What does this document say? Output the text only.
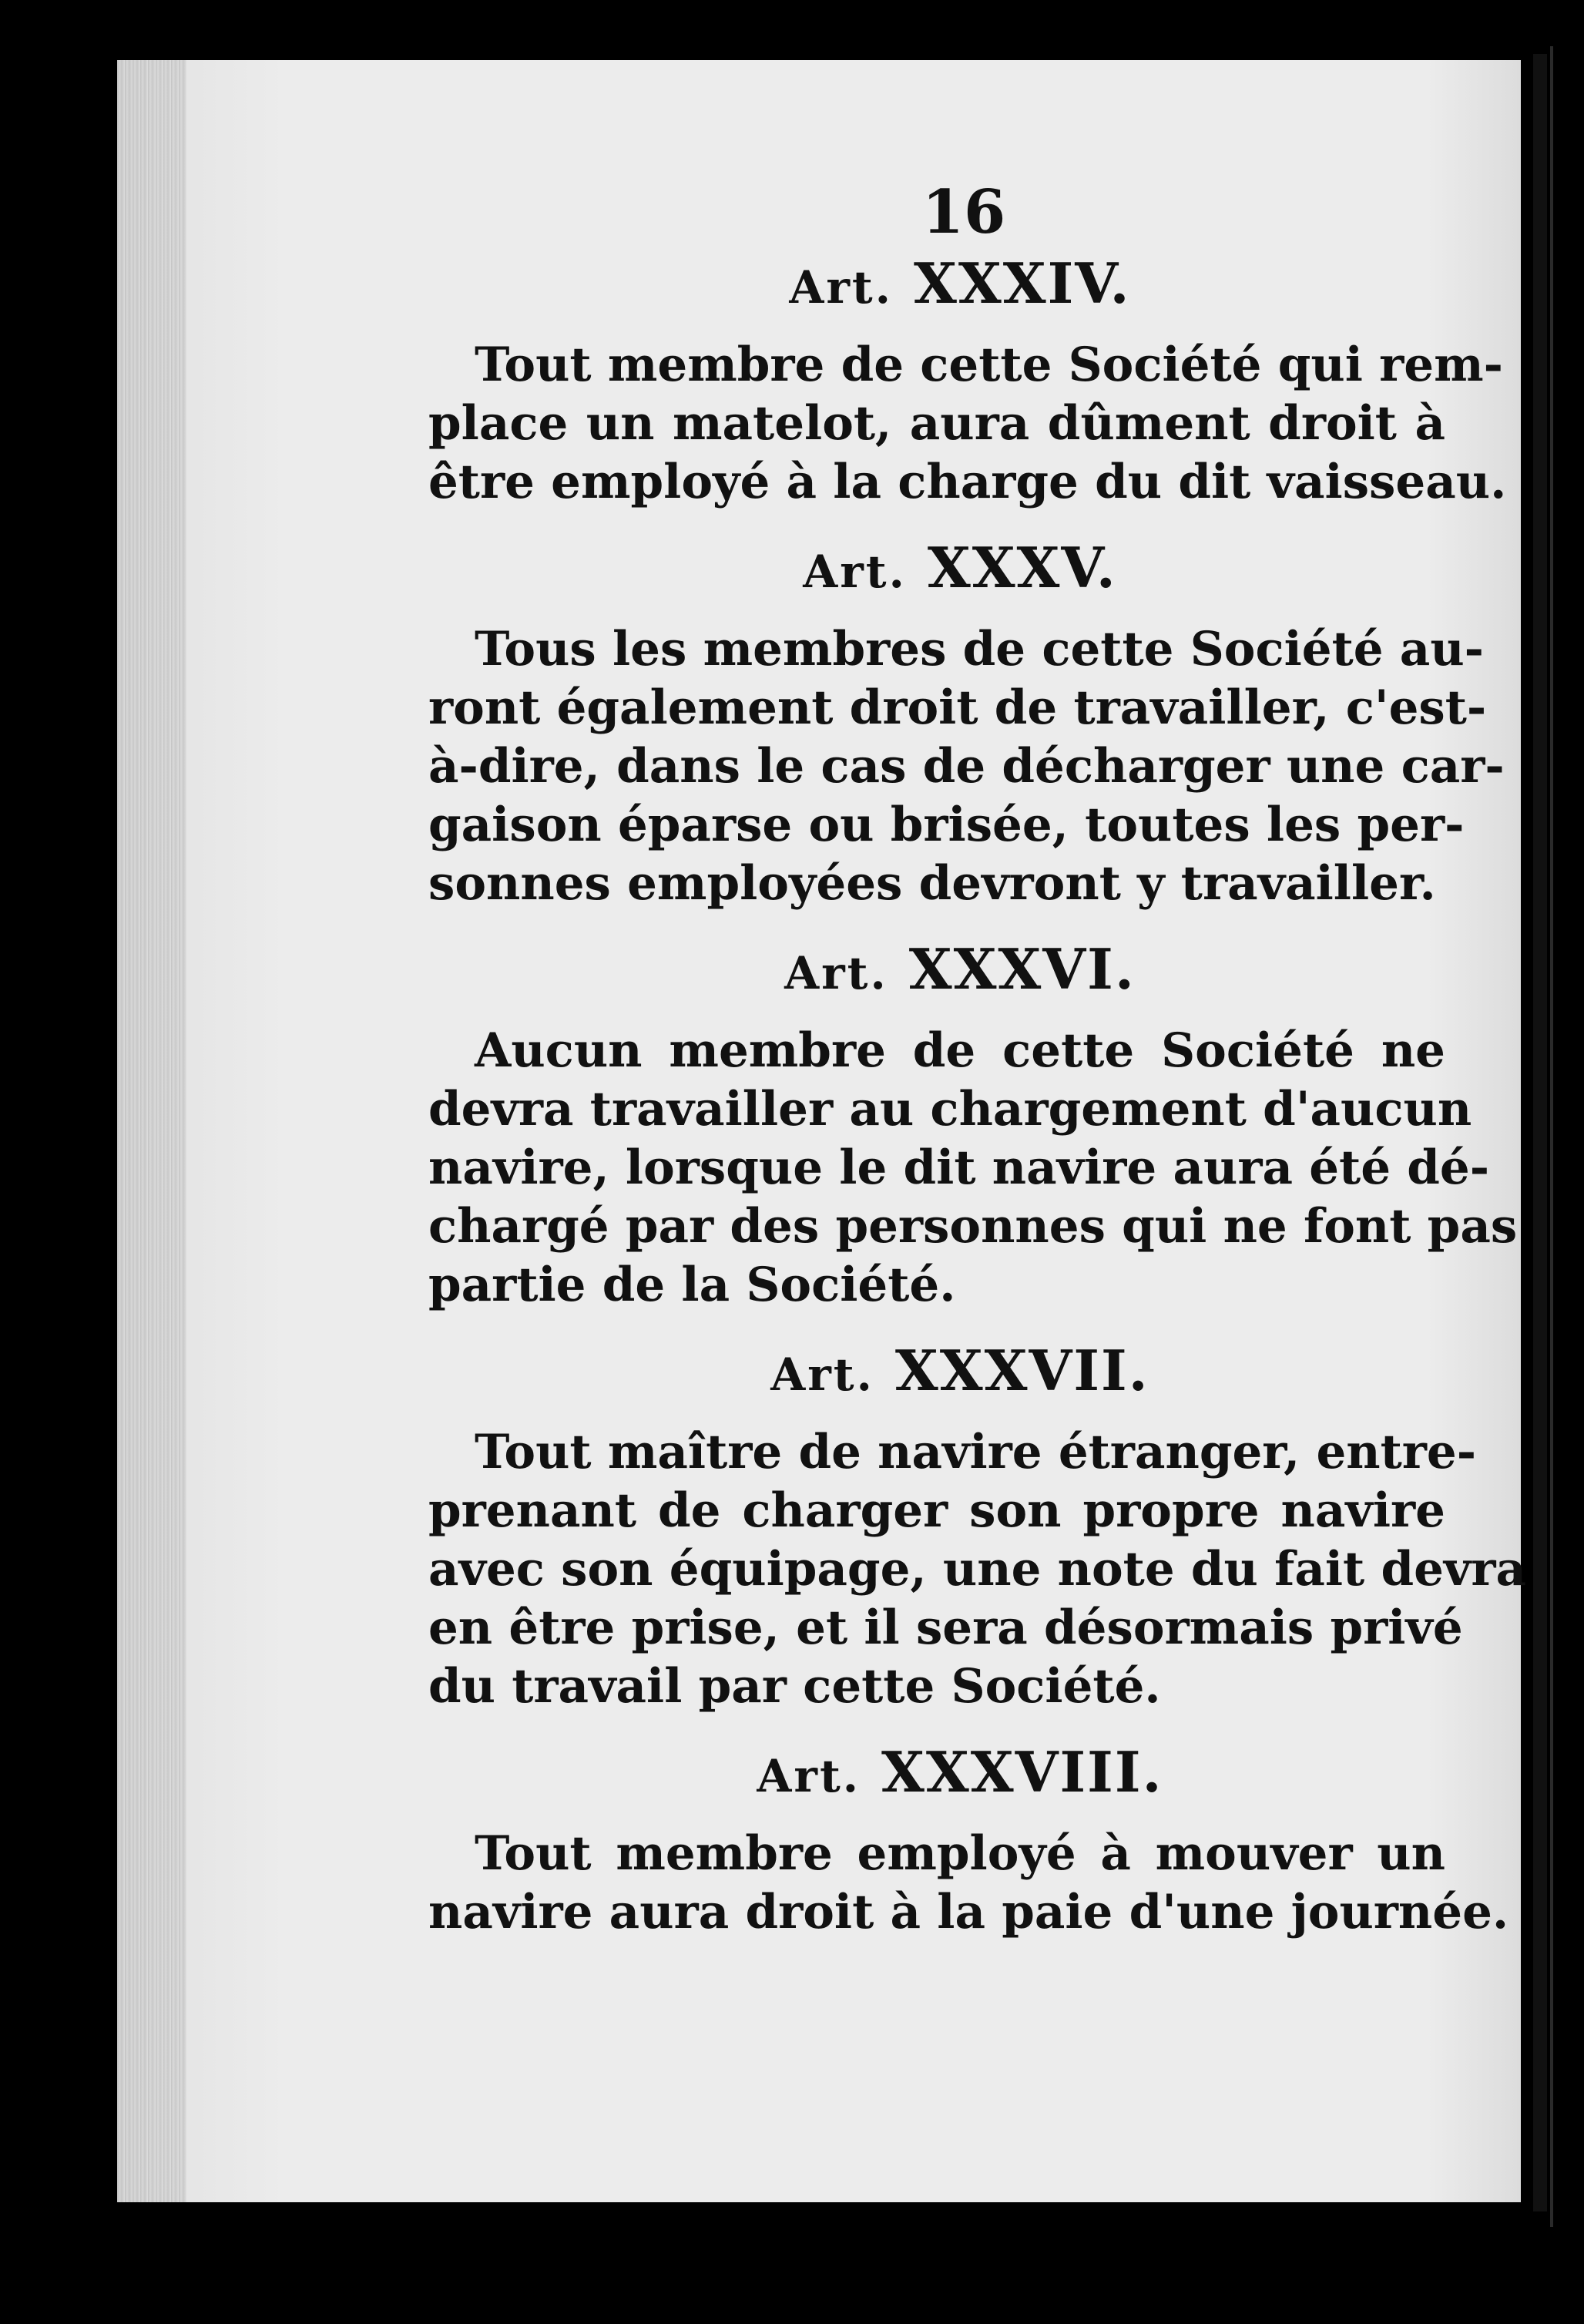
16
Art. XXXIV.
Tout membre de cette Société qui rem-
place un matelot, aura dûment droit à
être employé à la charge du dit vaisseau.
Art. XXXV.
Tous les membres de cette Société au-
ront également droit de travailler, c'est-
à-dire, dans le cas de décharger une car-
gaison éparse ou brisée, toutes les per-
sonnes employées devront y travailler.
Art. XXXVI.
Aucun membre de cette Société ne
devra travailler au chargement d'aucun
navire, lorsque le dit navire aura été dé-
chargé par des personnes qui ne font pas
partie de la Société.
Art. XXXVII.
Tout maître de navire étranger, entre-
prenant de charger son propre navire
avec son équipage, une note du fait devra
en être prise, et il sera désormais privé
du travail par cette Société.
Art. XXXVIII.
Tout membre employé à mouver un
navire aura droit à la paie d'une journée.
